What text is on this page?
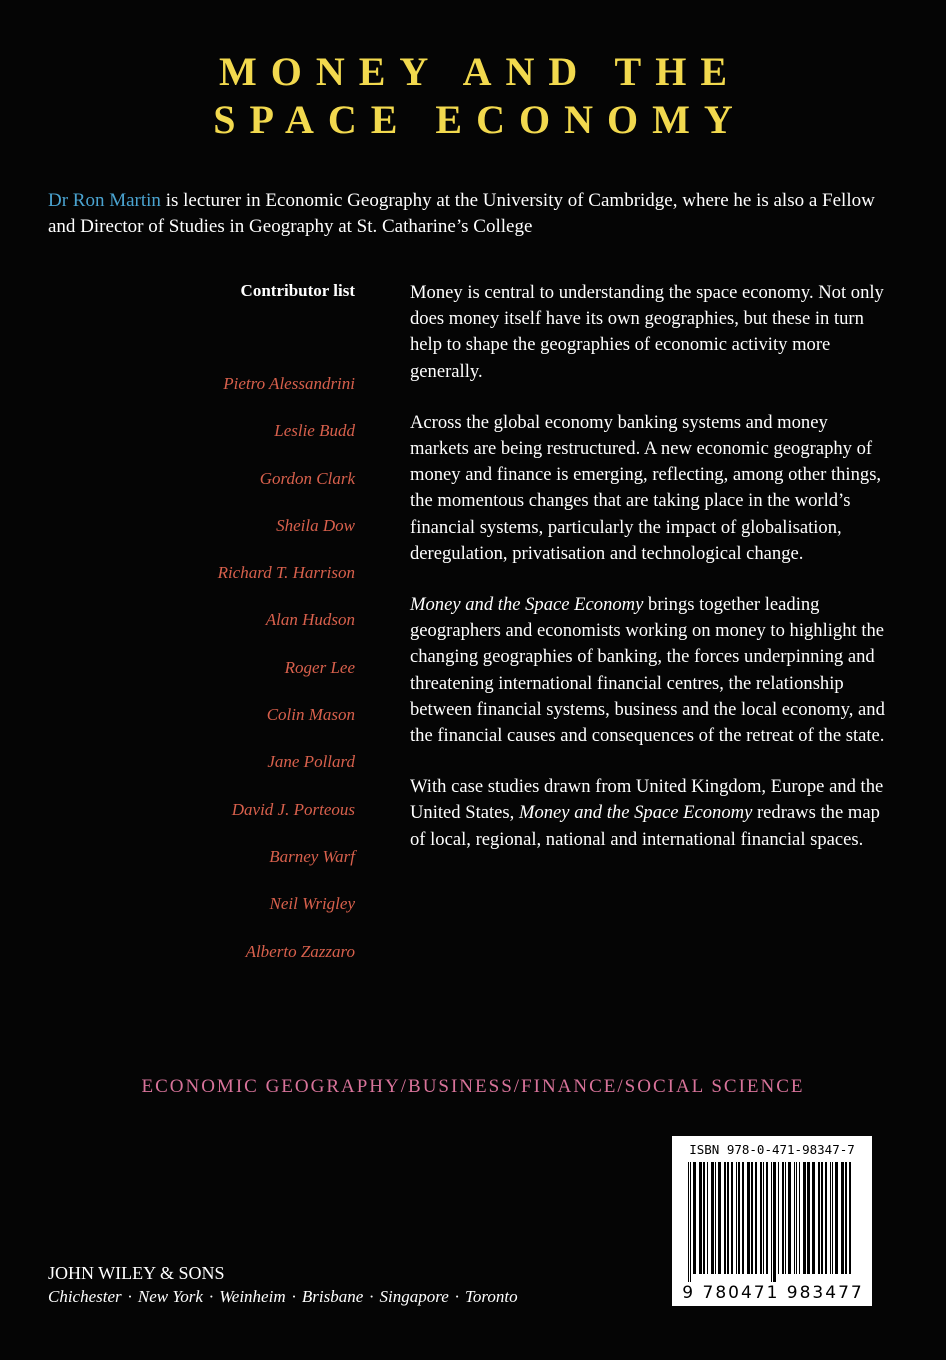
MONEY AND THE
SPACE ECONOMY
Dr Ron Martin is lecturer in Economic Geography at the University of Cambridge, where he is also a Fellow and Director of Studies in Geography at St. Catharine’s College
Contributor list
Pietro Alessandrini
Leslie Budd
Gordon Clark
Sheila Dow
Richard T. Harrison
Alan Hudson
Roger Lee
Colin Mason
Jane Pollard
David J. Porteous
Barney Warf
Neil Wrigley
Alberto Zazzaro

Money is central to understanding the space economy. Not only does money itself have its own geographies, but these in turn help to shape the geographies of economic activity more generally.

Across the global economy banking systems and money markets are being restructured. A new economic geography of money and finance is emerging, reflecting, among other things, the momentous changes that are taking place in the world’s financial systems, particularly the impact of globalisation, deregulation, privatisation and technological change.

Money and the Space Economy brings together leading geographers and economists working on money to highlight the changing geographies of banking, the forces underpinning and threatening international financial centres, the relationship between financial systems, business and the local economy, and the financial causes and consequences of the retreat of the state.

With case studies drawn from United Kingdom, Europe and the United States, Money and the Space Economy redraws the map of local, regional, national and international financial spaces.

ECONOMIC GEOGRAPHY/BUSINESS/FINANCE/SOCIAL SCIENCE
ISBN 978-0-471-98347-7
9 780471 983477
JOHN WILEY & SONS
Chichester · New York · Weinheim · Brisbane · Singapore · Toronto
